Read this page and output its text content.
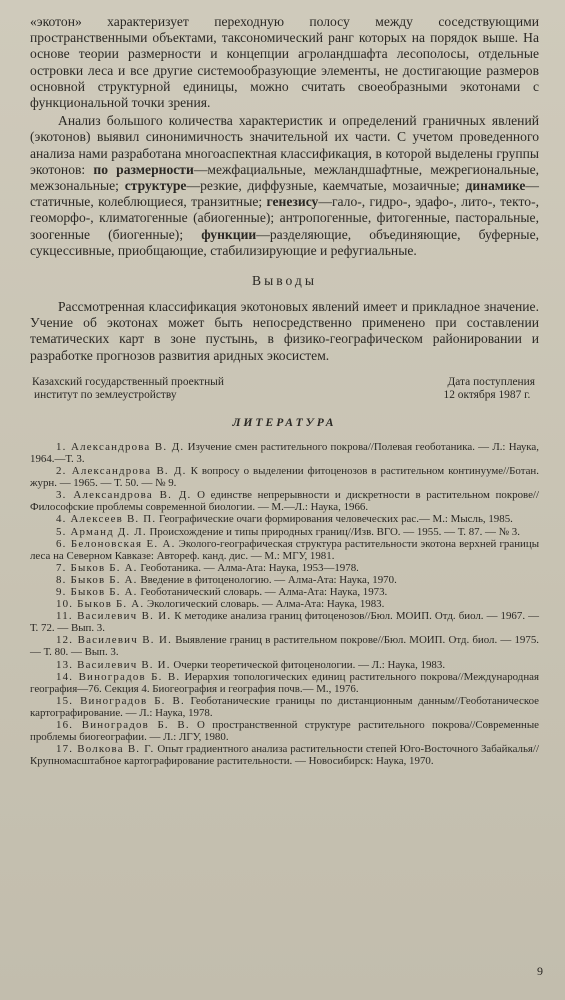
«экотон» характеризует переходную полосу между соседствующими пространственными объектами, таксономический ранг которых на порядок выше. На основе теории размерности и концепции агроландшафта лесополосы, отдельные островки леса и все другие системообразующие элементы, не достигающие размеров основной структурной единицы, можно считать своеобразными экотонами с функциональной точки зрения.

Анализ большого количества характеристик и определений граничных явлений (экотонов) выявил синонимичность значительной их части. С учетом проведенного анализа нами разработана многоаспектная классификация, в которой выделены группы экотонов: по размерности—межфациальные, межландшафтные, межрегиональные, межзональные; структуре—резкие, диффузные, каемчатые, мозаичные; динамике—статичные, колеблющиеся, транзитные; генезису—гало-, гидро-, эдафо-, лито-, текто-, геоморфо-, климатогенные (абиогенные); антропогенные, фитогенные, пасторальные, зоогенные (биогенные); функции—разделяющие, объединяющие, буферные, сукцессивные, приобщающие, стабилизирующие и рефугиальные.

Выводы

Рассмотренная классификация экотоновых явлений имеет и прикладное значение. Учение об экотонах может быть непосредственно применено при составлении тематических карт в зоне пустынь, в физико-географическом районировании и разработке прогнозов развития аридных экосистем.

Казахский государственный проектный
институт по землеустройству
Дата поступления
12 октября 1987 г.
ЛИТЕРАТУРА

1. Александрова В. Д. Изучение смен растительного покрова//Полевая геоботаника. — Л.: Наука, 1964.—Т. 3.

2. Александрова В. Д. К вопросу о выделении фитоценозов в растительном континууме//Ботан. журн. — 1965. — Т. 50. — № 9.

3. Александрова В. Д. О единстве непрерывности и дискретности в растительном покрове//Философские проблемы современной биологии. — М.—Л.: Наука, 1966.

4. Алексеев В. П. Географические очаги формирования человеческих рас.— М.: Мысль, 1985.

5. Арманд Д. Л. Происхождение и типы природных границ//Изв. ВГО. — 1955. — Т. 87. — № 3.

6. Белоновская Е. А. Эколого-географическая структура растительности экотона верхней границы леса на Северном Кавказе: Автореф. канд. дис. — М.: МГУ, 1981.

7. Быков Б. А. Геоботаника. — Алма-Ата: Наука, 1953—1978.

8. Быков Б. А. Введение в фитоценологию. — Алма-Ата: Наука, 1970.

9. Быков Б. А. Геоботанический словарь. — Алма-Ата: Наука, 1973.

10. Быков Б. А. Экологический словарь. — Алма-Ата: Наука, 1983.

11. Василевич В. И. К методике анализа границ фитоценозов//Бюл. МОИП. Отд. биол. — 1967. — Т. 72. — Вып. 3.

12. Василевич В. И. Выявление границ в растительном покрове//Бюл. МОИП. Отд. биол. — 1975. — Т. 80. — Вып. 3.

13. Василевич В. И. Очерки теоретической фитоценологии. — Л.: Наука, 1983.

14. Виноградов Б. В. Иерархия топологических единиц растительного покрова//Международная география—76. Секция 4. Биогеография и география почв.— М., 1976.

15. Виноградов Б. В. Геоботанические границы по дистанционным данным//Геоботаническое картографирование. — Л.: Наука, 1978.

16. Виноградов Б. В. О пространственной структуре растительного покрова//Современные проблемы биогеографии. — Л.: ЛГУ, 1980.

17. Волкова В. Г. Опыт градиентного анализа растительности степей Юго-Восточного Забайкалья//Крупномасштабное картографирование растительности. — Новосибирск: Наука, 1970.

9
